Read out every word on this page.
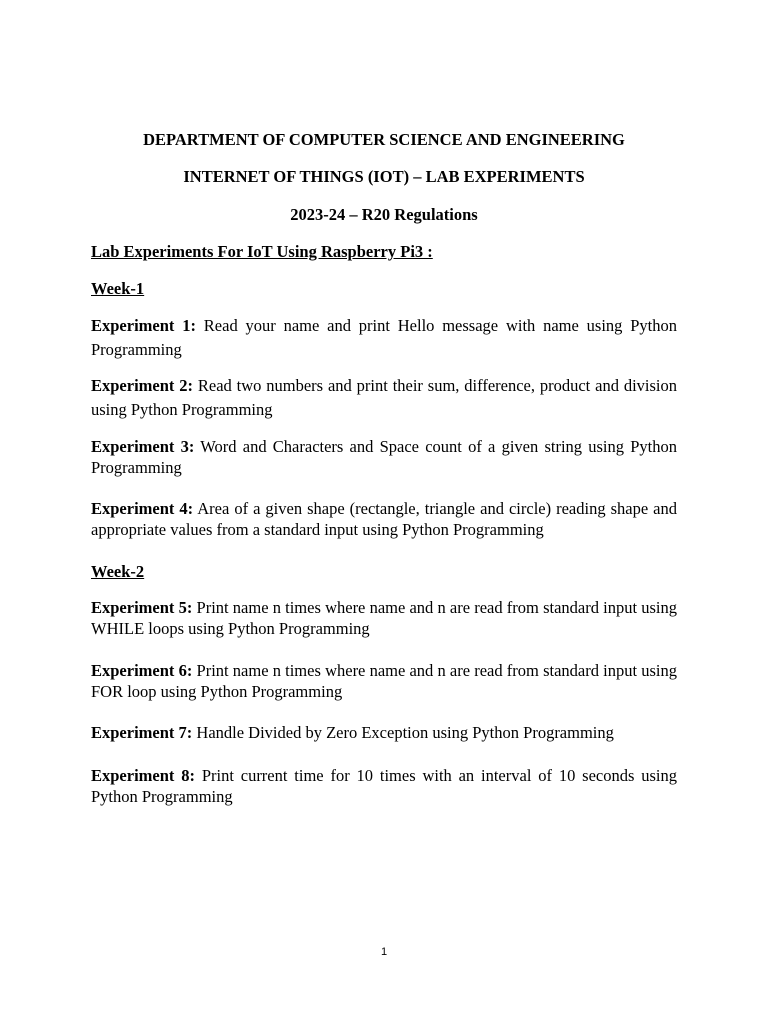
DEPARTMENT OF COMPUTER SCIENCE AND ENGINEERING
INTERNET OF THINGS (IOT) – LAB EXPERIMENTS
2023-24 – R20 Regulations
Lab Experiments For IoT Using Raspberry Pi3 :
Week-1
Experiment 1: Read your name and print Hello message with name using Python Programming
Experiment 2: Read two numbers and print their sum, difference, product and division using Python Programming
Experiment 3: Word and Characters and Space count of a given string using Python Programming
Experiment 4: Area of a given shape (rectangle, triangle and circle) reading shape and appropriate values from a standard input using Python Programming
Week-2
Experiment 5: Print name n times where name and n are read from standard input using WHILE loops using Python Programming
Experiment 6: Print name n times where name and n are read from standard input using FOR loop using Python Programming
Experiment 7: Handle Divided by Zero Exception using Python Programming
Experiment 8: Print current time for 10 times with an interval of 10 seconds using Python Programming
1
